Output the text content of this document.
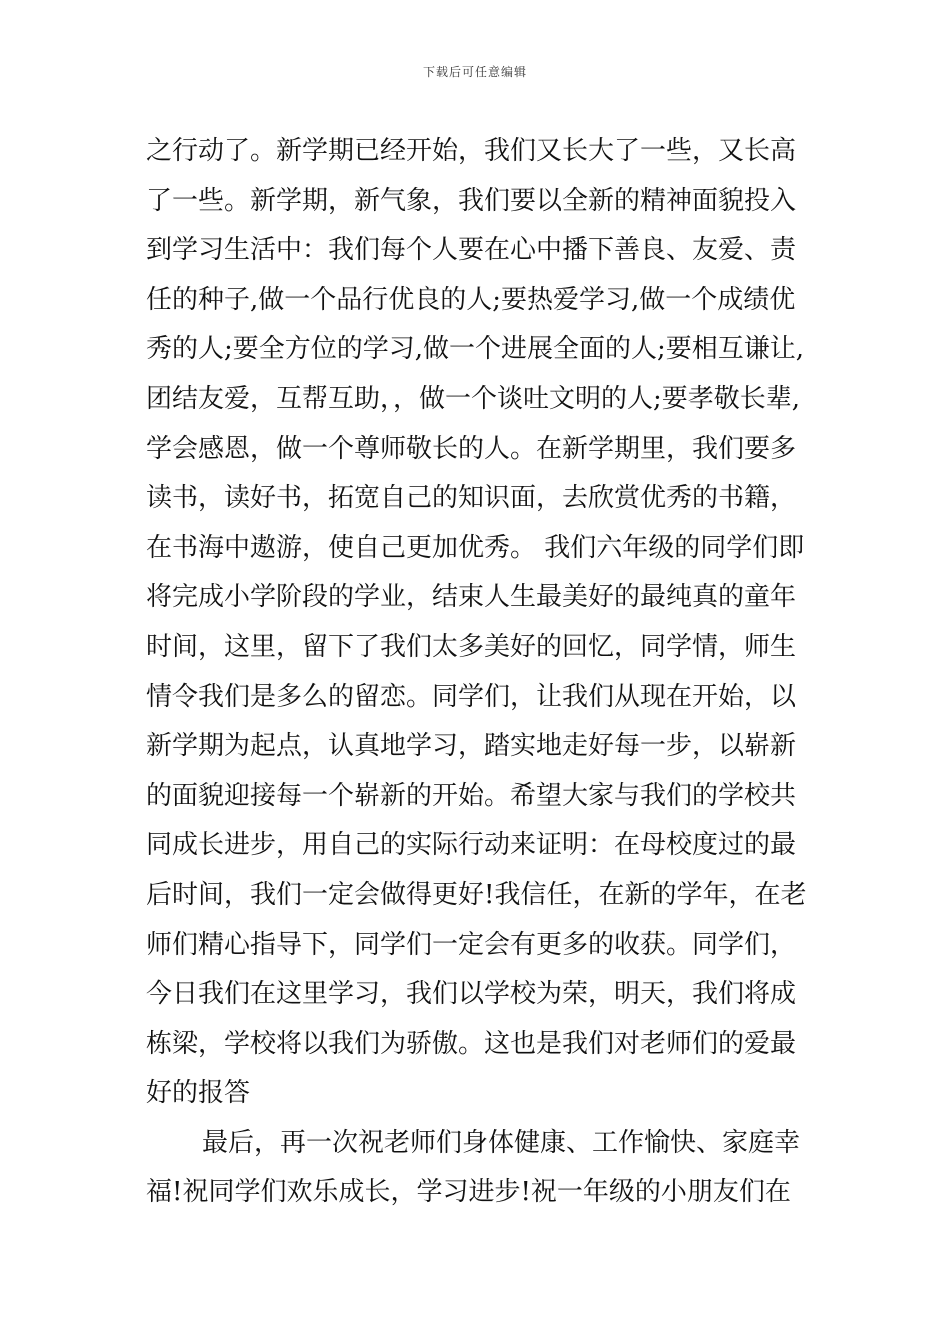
下载后可任意编辑
之行动了。新学期已经开始，我们又长大了一些，又长高
了一些。新学期，新气象，我们要以全新的精神面貌投入
到学习生活中：我们每个人要在心中播下善良、友爱、责
任的种子,做一个品行优良的人;要热爱学习,做一个成绩优
秀的人;要全方位的学习,做一个进展全面的人;要相互谦让,
团结友爱，互帮互助，，做一个谈吐文明的人;要孝敬长辈,
学会感恩，做一个尊师敬长的人。在新学期里，我们要多
读书，读好书，拓宽自己的知识面，去欣赏优秀的书籍，
在书海中遨游，使自己更加优秀。 我们六年级的同学们即
将完成小学阶段的学业，结束人生最美好的最纯真的童年
时间，这里，留下了我们太多美好的回忆，同学情，师生
情令我们是多么的留恋。同学们，让我们从现在开始，以
新学期为起点，认真地学习，踏实地走好每一步，以崭新
的面貌迎接每一个崭新的开始。希望大家与我们的学校共
同成长进步，用自己的实际行动来证明：在母校度过的最
后时间，我们一定会做得更好!我信任，在新的学年，在老
师们精心指导下，同学们一定会有更多的收获。同学们，
今日我们在这里学习，我们以学校为荣，明天，我们将成
栋梁，学校将以我们为骄傲。这也是我们对老师们的爱最
好的报答
最后，再一次祝老师们身体健康、工作愉快、家庭幸
福!祝同学们欢乐成长，学习进步!祝一年级的小朋友们在
